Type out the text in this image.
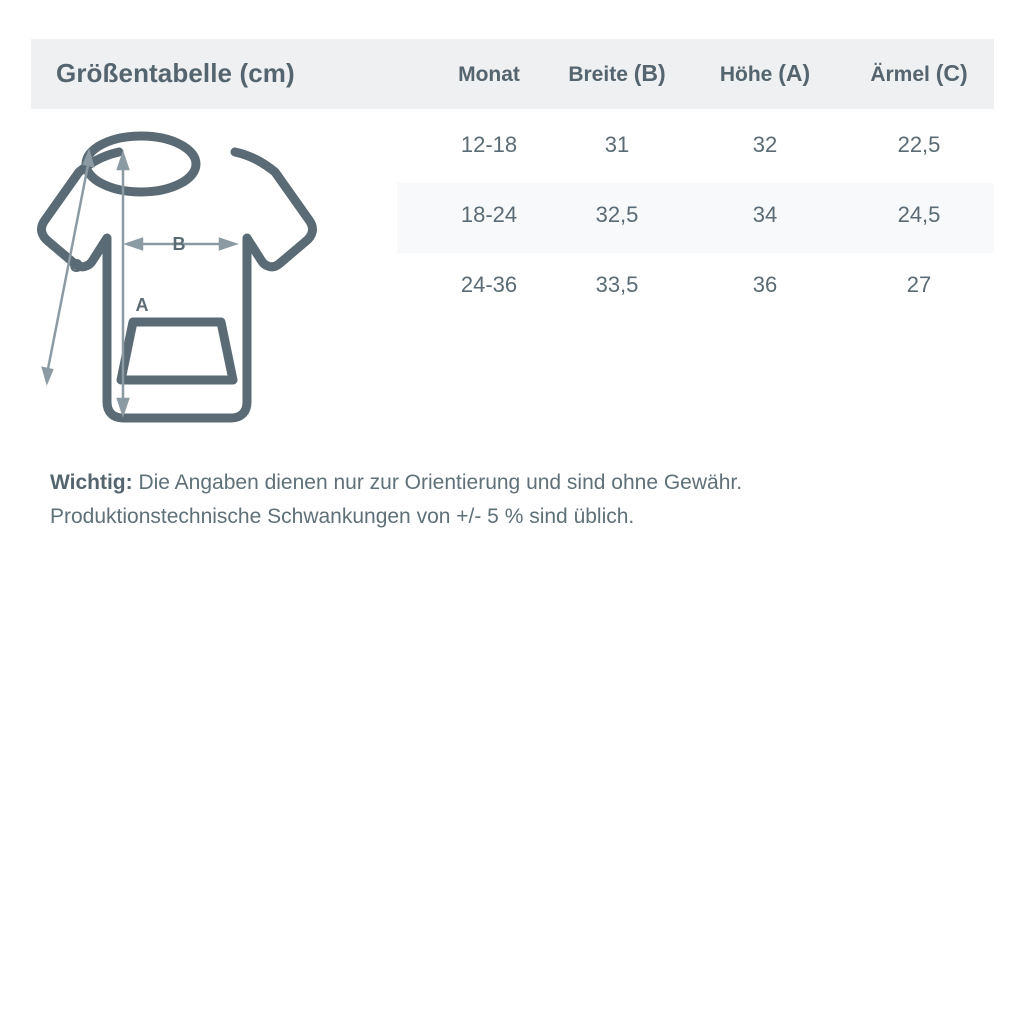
Größentabelle (cm)	Monat	Breite (B)	Höhe (A)	Ärmel (C)
12-18	31	32	22,5
18-24	32,5	34	24,5
24-36	33,5	36	27
C
B
A
Wichtig: Die Angaben dienen nur zur Orientierung und sind ohne Gewähr.
Produktionstechnische Schwankungen von +/- 5 % sind üblich.
